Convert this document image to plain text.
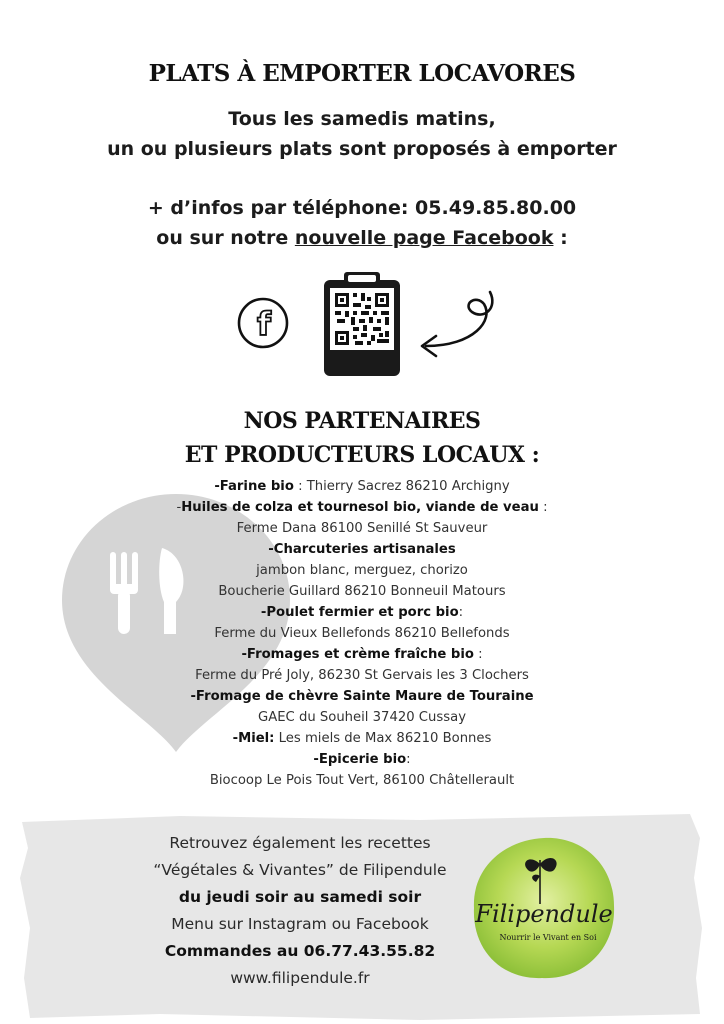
PLATS À EMPORTER LOCAVORES
Tous les samedis matins,
un ou plusieurs plats sont proposés à emporter
+ d’infos par téléphone: 05.49.85.80.00
ou sur notre nouvelle page Facebook :
f
NOS PARTENAIRES
ET PRODUCTEURS LOCAUX :
-Farine bio : Thierry Sacrez 86210 Archigny
-Huiles de colza et tournesol bio, viande de veau :
Ferme Dana 86100 Senillé St Sauveur
-Charcuteries artisanales
jambon blanc, merguez, chorizo
Boucherie Guillard 86210 Bonneuil Matours
-Poulet fermier et porc bio:
Ferme du Vieux Bellefonds 86210 Bellefonds
-Fromages et crème fraîche bio :
Ferme du Pré Joly, 86230 St Gervais les 3 Clochers
-Fromage de chèvre Sainte Maure de Touraine
GAEC du Souheil 37420 Cussay
-Miel: Les miels de Max 86210 Bonnes
-Epicerie bio:
Biocoop Le Pois Tout Vert, 86100 Châtellerault
Retrouvez également les recettes
“Végétales & Vivantes” de Filipendule
du jeudi soir au samedi soir
Menu sur Instagram ou Facebook
Commandes au 06.77.43.55.82
www.filipendule.fr
Filipendule
Nourrir le Vivant en Soi
